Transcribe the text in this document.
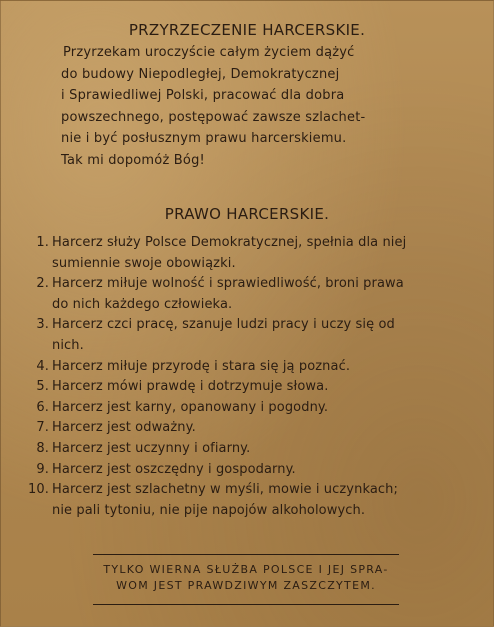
PRZYRZECZENIE HARCERSKIE.
Przyrzekam uroczyście całym życiem dążyć
do budowy Niepodległej, Demokratycznej
i Sprawiedliwej Polski, pracować dla dobra
powszechnego, postępować zawsze szlachet-
nie i być posłusznym prawu harcerskiemu.
Tak mi dopomóż Bóg!
PRAWO HARCERSKIE.
1. Harcerz służy Polsce Demokratycznej, spełnia dla niej
sumiennie swoje obowiązki.
2. Harcerz miłuje wolność i sprawiedliwość, broni prawa
do nich każdego człowieka.
3. Harcerz czci pracę, szanuje ludzi pracy i uczy się od
nich.
4. Harcerz miłuje przyrodę i stara się ją poznać.
5. Harcerz mówi prawdę i dotrzymuje słowa.
6. Harcerz jest karny, opanowany i pogodny.
7. Harcerz jest odważny.
8. Harcerz jest uczynny i ofiarny.
9. Harcerz jest oszczędny i gospodarny.
10. Harcerz jest szlachetny w myśli, mowie i uczynkach;
nie pali tytoniu, nie pije napojów alkoholowych.
TYLKO WIERNA SŁUŻBA POLSCE I JEJ SPRA-
WOM JEST PRAWDZIWYM ZASZCZYTEM.
